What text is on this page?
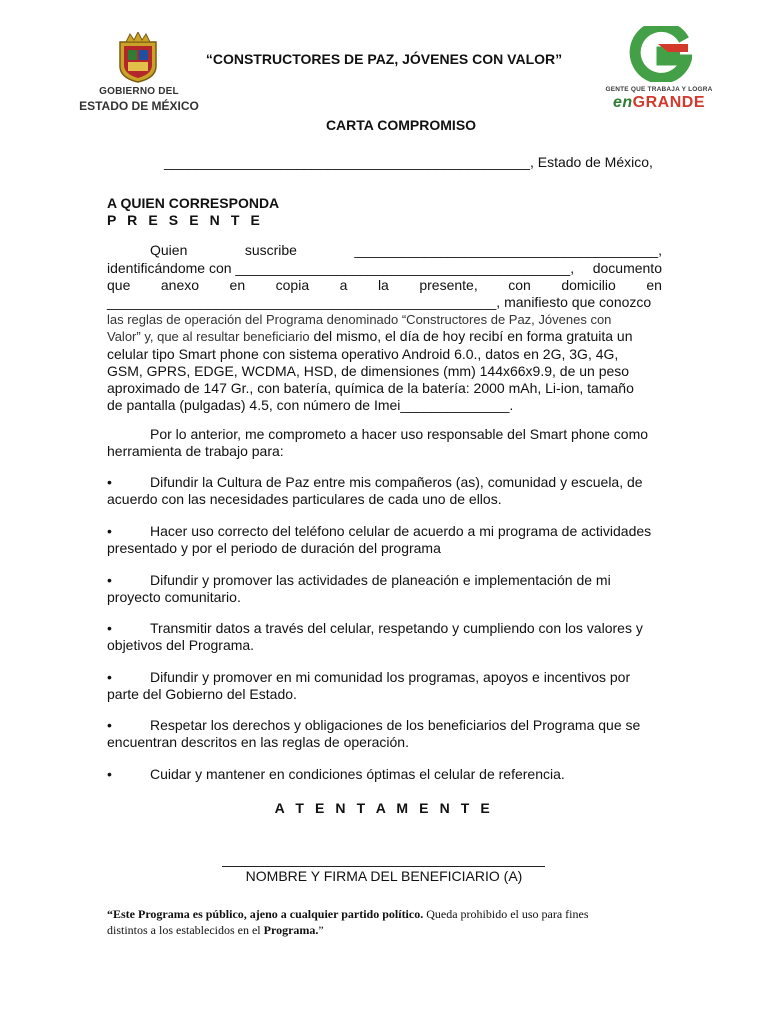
GOBIERNO DEL
ESTADO DE MÉXICO
“CONSTRUCTORES DE PAZ, JÓVENES CON VALOR”
GENTE QUE TRABAJA Y LOGRA
enGRANDE
CARTA COMPROMISO
_______________________________________________, Estado de México,
A QUIEN CORRESPONDA
P R E S E N T E
Quien	suscribe	_______________________________________,
identificándome con ___________________________________________, documento
que anexo en copia a la presente, con domicilio en
__________________________________________________, manifiesto que conozco
las reglas de operación del Programa denominado “Constructores de Paz, Jóvenes con
Valor” y, que al resultar beneficiario del mismo, el día de hoy recibí en forma gratuita un
celular tipo Smart phone con sistema operativo Android 6.0., datos en 2G, 3G, 4G,
GSM, GPRS, EDGE, WCDMA, HSD, de dimensiones (mm) 144x66x9.9, de un peso
aproximado de 147 Gr., con batería, química de la batería: 2000 mAh, Li-ion, tamaño
de pantalla (pulgadas) 4.5, con número de Imei______________.
Por lo anterior, me comprometo a hacer uso responsable del Smart phone como
herramienta de trabajo para:
•	Difundir la Cultura de Paz entre mis compañeros (as), comunidad y escuela, de
acuerdo con las necesidades particulares de cada uno de ellos.
•	Hacer uso correcto del teléfono celular de acuerdo a mi programa de actividades
presentado y por el periodo de duración del programa
•	Difundir y promover las actividades de planeación e implementación de mi
proyecto comunitario.
•	Transmitir datos a través del celular, respetando y cumpliendo con los valores y
objetivos del Programa.
•	Difundir y promover en mi comunidad los programas, apoyos e incentivos por
parte del Gobierno del Estado.
•	Respetar los derechos y obligaciones de los beneficiarios del Programa que se
encuentran descritos en las reglas de operación.
•	Cuidar y mantener en condiciones óptimas el celular de referencia.
A T E N T A M E N T E
NOMBRE Y FIRMA DEL BENEFICIARIO (A)
“Este Programa es público, ajeno a cualquier partido político. Queda prohibido el uso para fines
distintos a los establecidos en el Programa.”
